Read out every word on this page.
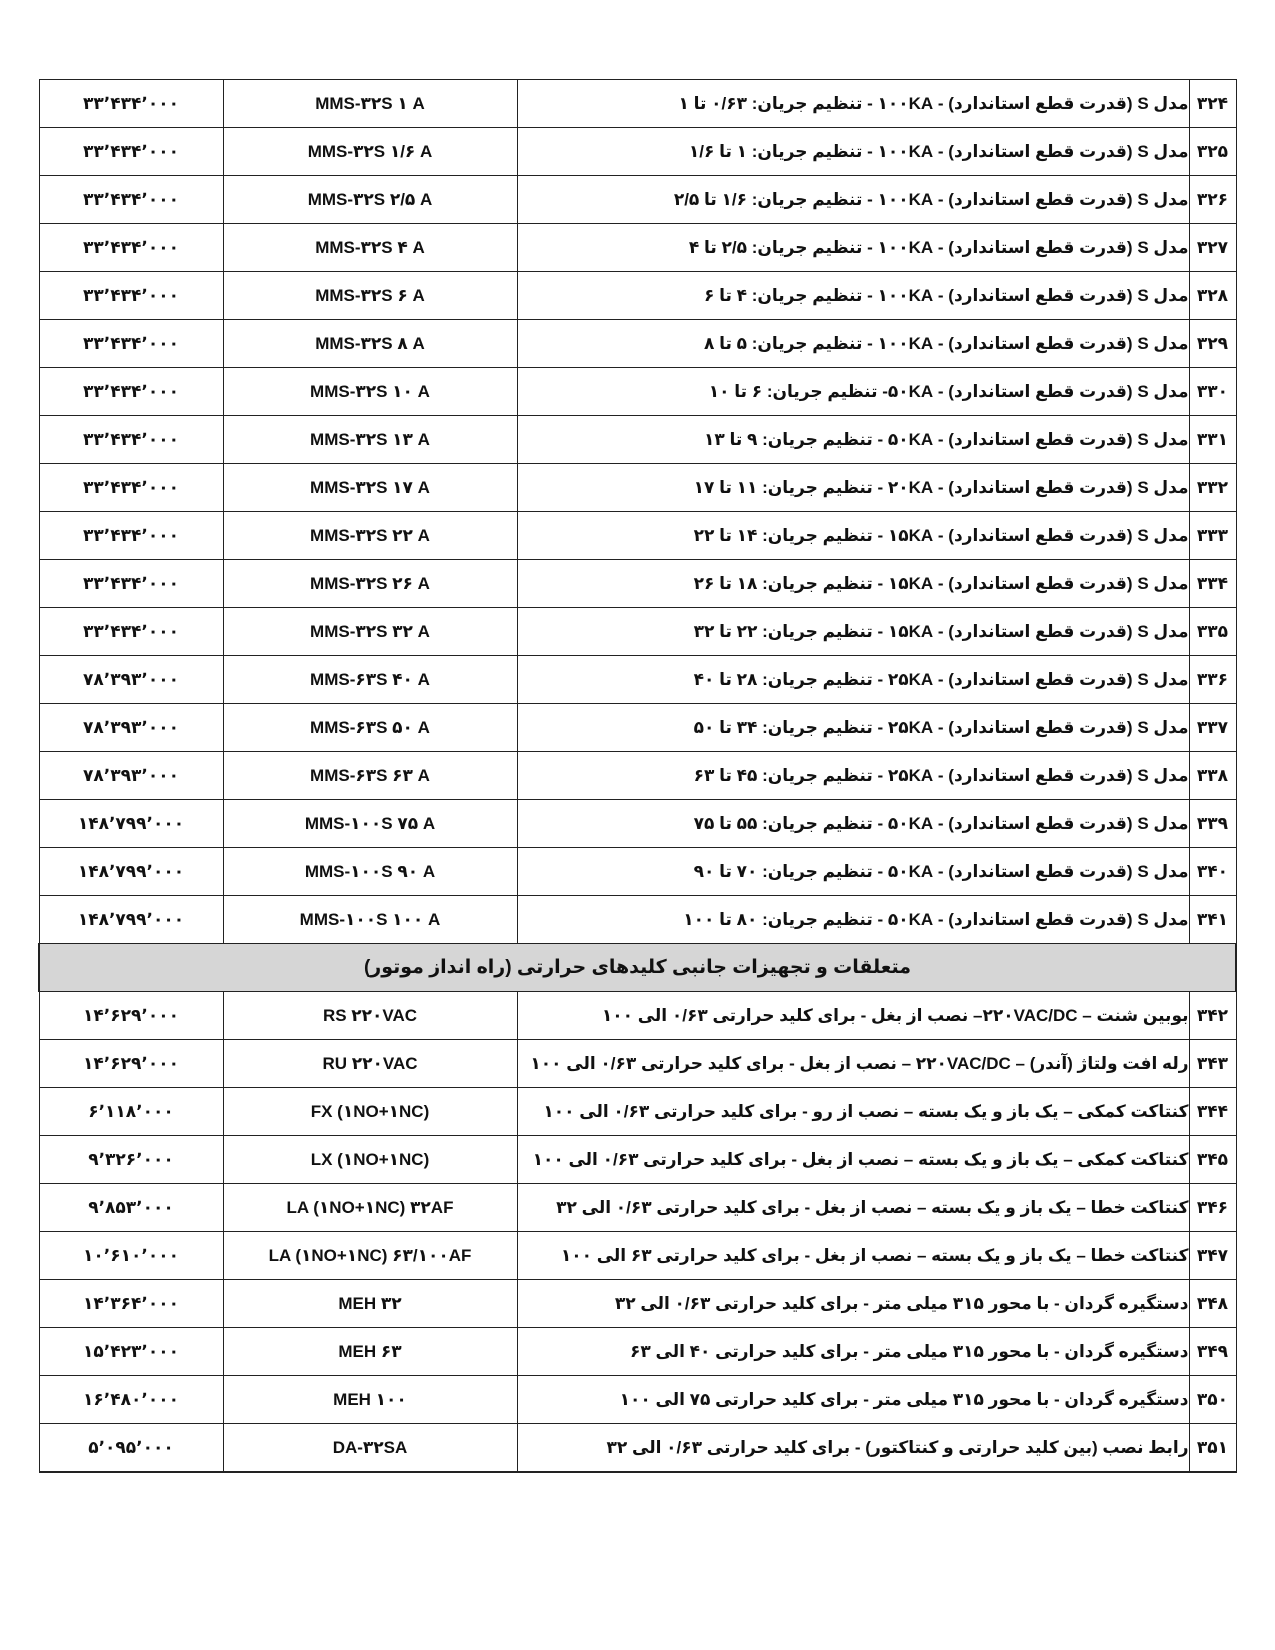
۳۲۴	مدل S (قدرت قطع استاندارد) - ۱۰۰KA - تنظیم جریان: ۰/۶۳ تا ۱	MMS-۳۲S ۱ A	۳۳٬۴۳۴٬۰۰۰
۳۲۵	مدل S (قدرت قطع استاندارد) - ۱۰۰KA - تنظیم جریان: ۱ تا ۱/۶	MMS-۳۲S ۱/۶ A	۳۳٬۴۳۴٬۰۰۰
۳۲۶	مدل S (قدرت قطع استاندارد) - ۱۰۰KA - تنظیم جریان: ۱/۶ تا ۲/۵	MMS-۳۲S ۲/۵ A	۳۳٬۴۳۴٬۰۰۰
۳۲۷	مدل S (قدرت قطع استاندارد) - ۱۰۰KA - تنظیم جریان: ۲/۵ تا ۴	MMS-۳۲S ۴ A	۳۳٬۴۳۴٬۰۰۰
۳۲۸	مدل S (قدرت قطع استاندارد) - ۱۰۰KA - تنظیم جریان: ۴ تا ۶	MMS-۳۲S ۶ A	۳۳٬۴۳۴٬۰۰۰
۳۲۹	مدل S (قدرت قطع استاندارد) - ۱۰۰KA - تنظیم جریان: ۵ تا ۸	MMS-۳۲S ۸ A	۳۳٬۴۳۴٬۰۰۰
۳۳۰	مدل S (قدرت قطع استاندارد) - ۵۰KA- تنظیم جریان: ۶ تا ۱۰	MMS-۳۲S ۱۰ A	۳۳٬۴۳۴٬۰۰۰
۳۳۱	مدل S (قدرت قطع استاندارد) - ۵۰KA - تنظیم جریان: ۹ تا ۱۳	MMS-۳۲S ۱۳ A	۳۳٬۴۳۴٬۰۰۰
۳۳۲	مدل S (قدرت قطع استاندارد) - ۲۰KA - تنظیم جریان: ۱۱ تا ۱۷	MMS-۳۲S ۱۷ A	۳۳٬۴۳۴٬۰۰۰
۳۳۳	مدل S (قدرت قطع استاندارد) - ۱۵KA - تنظیم جریان: ۱۴ تا ۲۲	MMS-۳۲S ۲۲ A	۳۳٬۴۳۴٬۰۰۰
۳۳۴	مدل S (قدرت قطع استاندارد) - ۱۵KA - تنظیم جریان: ۱۸ تا ۲۶	MMS-۳۲S ۲۶ A	۳۳٬۴۳۴٬۰۰۰
۳۳۵	مدل S (قدرت قطع استاندارد) - ۱۵KA - تنظیم جریان: ۲۲ تا ۳۲	MMS-۳۲S ۳۲ A	۳۳٬۴۳۴٬۰۰۰
۳۳۶	مدل S (قدرت قطع استاندارد) - ۲۵KA - تنظیم جریان: ۲۸ تا ۴۰	MMS-۶۳S ۴۰ A	۷۸٬۳۹۳٬۰۰۰
۳۳۷	مدل S (قدرت قطع استاندارد) - ۲۵KA - تنظیم جریان: ۳۴ تا ۵۰	MMS-۶۳S ۵۰ A	۷۸٬۳۹۳٬۰۰۰
۳۳۸	مدل S (قدرت قطع استاندارد) - ۲۵KA - تنظیم جریان: ۴۵ تا ۶۳	MMS-۶۳S ۶۳ A	۷۸٬۳۹۳٬۰۰۰
۳۳۹	مدل S (قدرت قطع استاندارد) - ۵۰KA - تنظیم جریان: ۵۵ تا ۷۵	MMS-۱۰۰S ۷۵ A	۱۴۸٬۷۹۹٬۰۰۰
۳۴۰	مدل S (قدرت قطع استاندارد) - ۵۰KA - تنظیم جریان: ۷۰ تا ۹۰	MMS-۱۰۰S ۹۰ A	۱۴۸٬۷۹۹٬۰۰۰
۳۴۱	مدل S (قدرت قطع استاندارد) - ۵۰KA - تنظیم جریان: ۸۰ تا ۱۰۰	MMS-۱۰۰S ۱۰۰ A	۱۴۸٬۷۹۹٬۰۰۰
متعلقات و تجهیزات جانبی کلیدهای حرارتی (راه انداز موتور)			
۳۴۲	بوبین شنت – ۲۲۰VAC/DC– نصب از بغل - برای کلید حرارتی ۰/۶۳ الی ۱۰۰	RS ۲۲۰VAC	۱۴٬۶۲۹٬۰۰۰
۳۴۳	رله افت ولتاژ (آندر) – ۲۲۰VAC/DC – نصب از بغل - برای کلید حرارتی ۰/۶۳ الی ۱۰۰	RU ۲۲۰VAC	۱۴٬۶۲۹٬۰۰۰
۳۴۴	کنتاکت کمکی – یک باز و یک بسته – نصب از رو - برای کلید حرارتی ۰/۶۳ الی ۱۰۰	FX (۱NO+۱NC)	۶٬۱۱۸٬۰۰۰
۳۴۵	کنتاکت کمکی – یک باز و یک بسته – نصب از بغل - برای کلید حرارتی ۰/۶۳ الی ۱۰۰	LX (۱NO+۱NC)	۹٬۳۲۶٬۰۰۰
۳۴۶	کنتاکت خطا – یک باز و یک بسته – نصب از بغل - برای کلید حرارتی ۰/۶۳ الی ۳۲	LA (۱NO+۱NC) ۳۲AF	۹٬۸۵۳٬۰۰۰
۳۴۷	کنتاکت خطا – یک باز و یک بسته – نصب از بغل - برای کلید حرارتی ۶۳ الی ۱۰۰	LA (۱NO+۱NC) ۶۳/۱۰۰AF	۱۰٬۶۱۰٬۰۰۰
۳۴۸	دستگیره گردان - با محور ۳۱۵ میلی متر - برای کلید حرارتی ۰/۶۳ الی ۳۲	MEH ۳۲	۱۴٬۳۶۴٬۰۰۰
۳۴۹	دستگیره گردان - با محور ۳۱۵ میلی متر - برای کلید حرارتی ۴۰ الی ۶۳	MEH ۶۳	۱۵٬۴۲۳٬۰۰۰
۳۵۰	دستگیره گردان - با محور ۳۱۵ میلی متر - برای کلید حرارتی ۷۵ الی ۱۰۰	MEH ۱۰۰	۱۶٬۴۸۰٬۰۰۰
۳۵۱	رابط نصب (بین کلید حرارتی و کنتاکتور) - برای کلید حرارتی ۰/۶۳ الی ۳۲	DA-۳۲SA	۵٬۰۹۵٬۰۰۰
